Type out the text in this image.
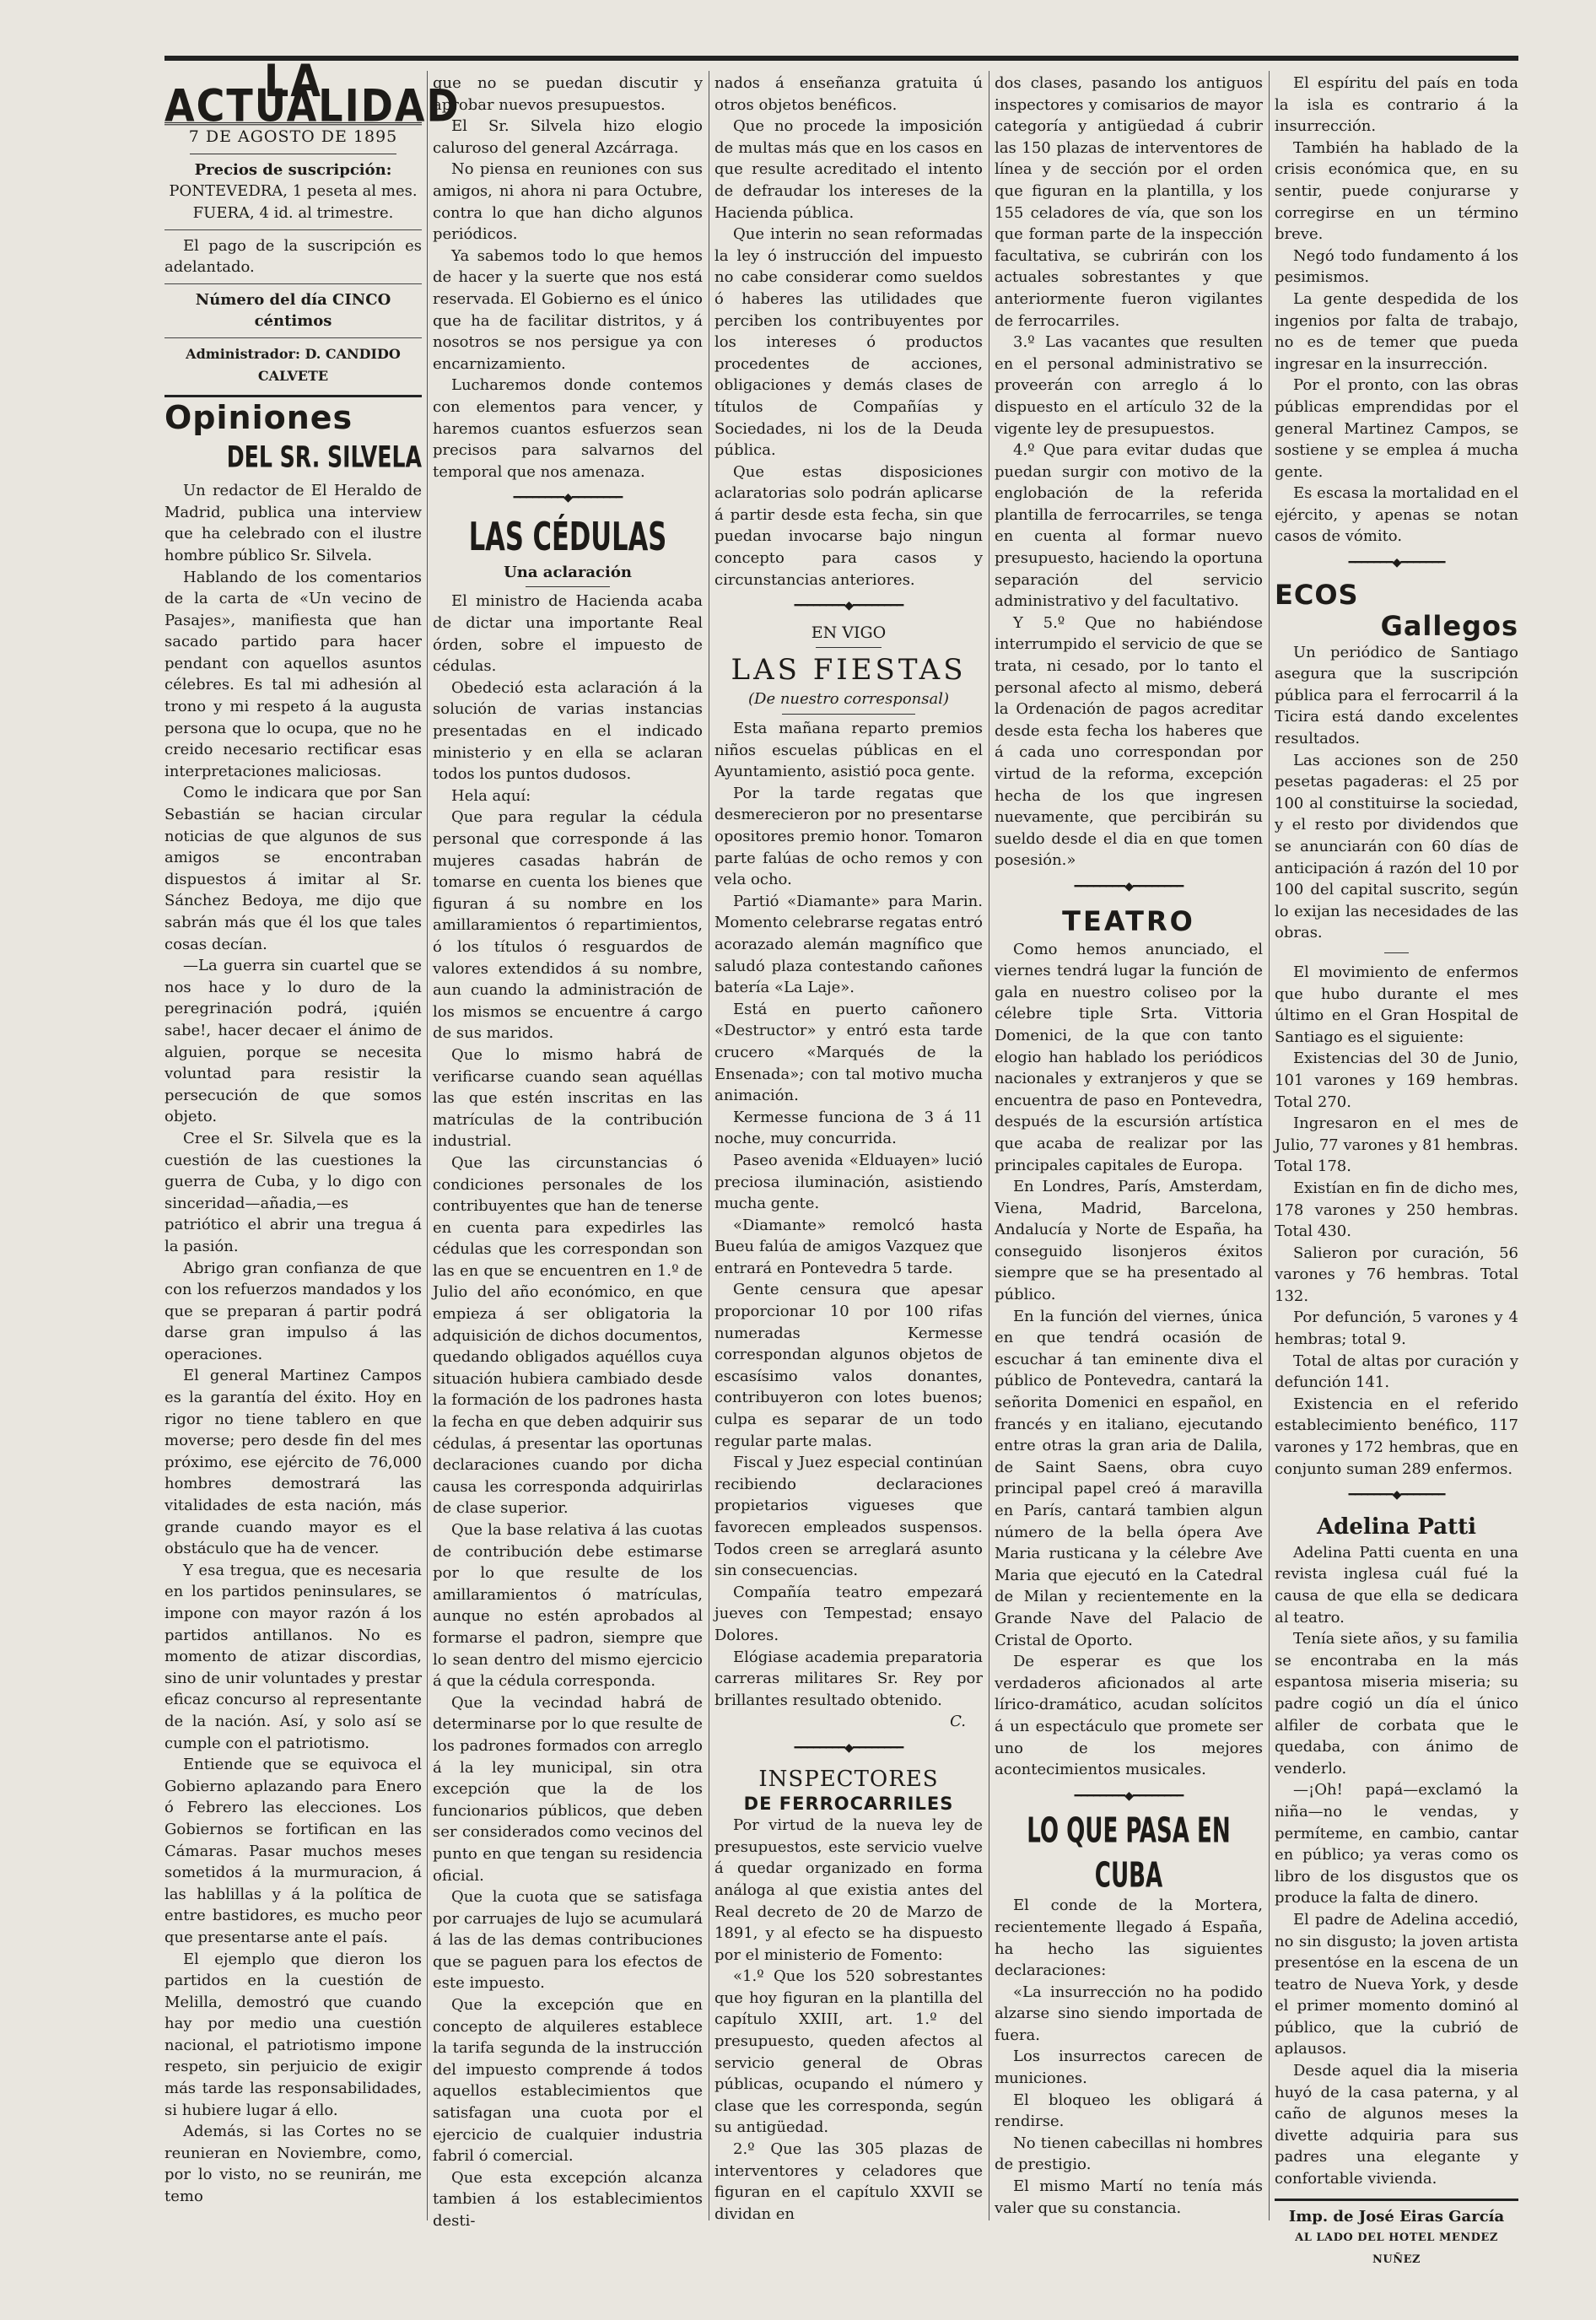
LA ACTUALIDAD
7 DE AGOSTO DE 1895

Precios de suscripción:

PONTEVEDRA, 1 peseta al mes.

FUERA, 4 id. al trimestre.

El pago de la suscripción es adelantado.

Número del día CINCO céntimos

Administrador: D. CANDIDO CALVETE

Opiniones
DEL SR. SILVELA

Un redactor de El Heraldo de Madrid, publica una interview que ha celebrado con el ilustre hombre público Sr. Silvela.

Hablando de los comentarios de la carta de «Un vecino de Pasajes», manifiesta que han sacado partido para hacer pendant con aquellos asuntos célebres. Es tal mi adhesión al trono y mi respeto á la augusta persona que lo ocupa, que no he creido necesario rectificar esas interpretaciones maliciosas.

Como le indicara que por San Sebastián se hacian circular noticias de que algunos de sus amigos se encontraban dispuestos á imitar al Sr. Sánchez Bedoya, me dijo que sabrán más que él los que tales cosas decían.

—La guerra sin cuartel que se nos hace y lo duro de la peregrinación podrá, ¡quién sabe!, hacer decaer el ánimo de alguien, porque se necesita voluntad para resistir la persecución de que somos objeto.

Cree el Sr. Silvela que es la cuestión de las cuestiones la guerra de Cuba, y lo digo con sinceridad—añadia,—es patriótico el abrir una tregua á la pasión.

Abrigo gran confianza de que con los refuerzos mandados y los que se preparan á partir podrá darse gran impulso á las operaciones.

El general Martinez Campos es la garantía del éxito. Hoy en rigor no tiene tablero en que moverse; pero desde fin del mes próximo, ese ejército de 76,000 hombres demostrará las vitalidades de esta nación, más grande cuando mayor es el obstáculo que ha de vencer.

Y esa tregua, que es necesaria en los partidos peninsulares, se impone con mayor razón á los partidos antillanos. No es momento de atizar discordias, sino de unir voluntades y prestar eficaz concurso al representante de la nación. Así, y solo así se cumple con el patriotismo.

Entiende que se equivoca el Gobierno aplazando para Enero ó Febrero las elecciones. Los Gobiernos se fortifican en las Cámaras. Pasar muchos meses sometidos á la murmuracion, á las hablillas y á la política de entre bastidores, es mucho peor que presentarse ante el país.

El ejemplo que dieron los partidos en la cuestión de Melilla, demostró que cuando hay por medio una cuestión nacional, el patriotismo impone respeto, sin perjuicio de exigir más tarde las responsabilidades, si hubiere lugar á ello.

Además, si las Cortes no se reunieran en Noviembre, como, por lo visto, no se reunirán, me temo

que no se puedan discutir y aprobar nuevos presupuestos.

El Sr. Silvela hizo elogio caluroso del general Azcárraga.

No piensa en reuniones con sus amigos, ni ahora ni para Octubre, contra lo que han dicho algunos periódicos.

Ya sabemos todo lo que hemos de hacer y la suerte que nos está reservada. El Gobierno es el único que ha de facilitar distritos, y á nosotros se nos persigue ya con encarnizamiento.

Lucharemos donde contemos con elementos para vencer, y haremos cuantos esfuerzos sean precisos para salvarnos del temporal que nos amenaza.

━━━━━━━━◆━━━━━━━━
LAS CÉDULAS
Una aclaración

El ministro de Hacienda acaba de dictar una importante Real órden, sobre el impuesto de cédulas.

Obedeció esta aclaración á la solución de varias instancias presentadas en el indicado ministerio y en ella se aclaran todos los puntos dudosos.

Hela aquí:

Que para regular la cédula personal que corresponde á las mujeres casadas habrán de tomarse en cuenta los bienes que figuran á su nombre en los amillaramientos ó repartimientos, ó los títulos ó resguardos de valores extendidos á su nombre, aun cuando la administración de los mismos se encuentre á cargo de sus maridos.

Que lo mismo habrá de verificarse cuando sean aquéllas las que estén inscritas en las matrículas de la contribución industrial.

Que las circunstancias ó condiciones personales de los contribuyentes que han de tenerse en cuenta para expedirles las cédulas que les correspondan son las en que se encuentren en 1.º de Julio del año económico, en que empieza á ser obligatoria la adquisición de dichos documentos, quedando obligados aquéllos cuya situación hubiera cambiado desde la formación de los padrones hasta la fecha en que deben adquirir sus cédulas, á presentar las oportunas declaraciones cuando por dicha causa les corresponda adquirirlas de clase superior.

Que la base relativa á las cuotas de contribución debe estimarse por lo que resulte de los amillaramientos ó matrículas, aunque no estén aprobados al formarse el padron, siempre que lo sean dentro del mismo ejercicio á que la cédula corresponda.

Que la vecindad habrá de determinarse por lo que resulte de los padrones formados con arreglo á la ley municipal, sin otra excepción que la de los funcionarios públicos, que deben ser considerados como vecinos del punto en que tengan su residencia oficial.

Que la cuota que se satisfaga por carruajes de lujo se acumulará á las de las demas contribuciones que se paguen para los efectos de este impuesto.

Que la excepción que en concepto de alquileres establece la tarifa segunda de la instrucción del impuesto comprende á todos aquellos establecimientos que satisfagan una cuota por el ejercicio de cualquier industria fabril ó comercial.

Que esta excepción alcanza tambien á los establecimientos desti-

nados á enseñanza gratuita ú otros objetos benéficos.

Que no procede la imposición de multas más que en los casos en que resulte acreditado el intento de defraudar los intereses de la Hacienda pública.

Que interin no sean reformadas la ley ó instrucción del impuesto no cabe considerar como sueldos ó haberes las utilidades que perciben los contribuyentes por los intereses ó productos procedentes de acciones, obligaciones y demás clases de títulos de Compañías y Sociedades, ni los de la Deuda pública.

Que estas disposiciones aclaratorias solo podrán aplicarse á partir desde esta fecha, sin que puedan invocarse bajo ningun concepto para casos y circunstancias anteriores.

━━━━━━━━◆━━━━━━━━

EN VIGO

LAS FIESTAS

(De nuestro corresponsal)

Esta mañana reparto premios niños escuelas públicas en el Ayuntamiento, asistió poca gente.

Por la tarde regatas que desmerecieron por no presentarse opositores premio honor. Tomaron parte falúas de ocho remos y con vela ocho.

Partió «Diamante» para Marin. Momento celebrarse regatas entró acorazado alemán magnífico que saludó plaza contestando cañones batería «La Laje».

Está en puerto cañonero «Destructor» y entró esta tarde crucero «Marqués de la Ensenada»; con tal motivo mucha animación.

Kermesse funciona de 3 á 11 noche, muy concurrida.

Paseo avenida «Elduayen» lució preciosa iluminación, asistiendo mucha gente.

«Diamante» remolcó hasta Bueu falúa de amigos Vazquez que entrará en Pontevedra 5 tarde.

Gente censura que apesar proporcionar 10 por 100 rifas numeradas Kermesse correspondan algunos objetos de escasísimo valos donantes, contribuyeron con lotes buenos; culpa es separar de un todo regular parte malas.

Fiscal y Juez especial continúan recibiendo declaraciones propietarios vigueses que favorecen empleados suspensos. Todos creen se arreglará asunto sin consecuencias.

Compañía teatro empezará jueves con Tempestad; ensayo Dolores.

Elógiase academia preparatoria carreras militares Sr. Rey por brillantes resultado obtenido.

C.

━━━━━━━━◆━━━━━━━━
INSPECTORES
DE FERROCARRILES

Por virtud de la nueva ley de presupuestos, este servicio vuelve á quedar organizado en forma análoga al que existia antes del Real decreto de 20 de Marzo de 1891, y al efecto se ha dispuesto por el ministerio de Fomento:

«1.º Que los 520 sobrestantes que hoy figuran en la plantilla del capítulo XXIII, art. 1.º del presupuesto, queden afectos al servicio general de Obras públicas, ocupando el número y clase que les corresponda, según su antigüedad.

2.º Que las 305 plazas de interventores y celadores que figuran en el capítulo XXVII se dividan en

dos clases, pasando los antiguos inspectores y comisarios de mayor categoría y antigüedad á cubrir las 150 plazas de interventores de línea y de sección por el orden que figuran en la plantilla, y los 155 celadores de vía, que son los que forman parte de la inspección facultativa, se cubrirán con los actuales sobrestantes y que anteriormente fueron vigilantes de ferrocarriles.

3.º Las vacantes que resulten en el personal administrativo se proveerán con arreglo á lo dispuesto en el artículo 32 de la vigente ley de presupuestos.

4.º Que para evitar dudas que puedan surgir con motivo de la englobación de la referida plantilla de ferrocarriles, se tenga en cuenta al formar nuevo presupuesto, haciendo la oportuna separación del servicio administrativo y del facultativo.

Y 5.º Que no habiéndose interrumpido el servicio de que se trata, ni cesado, por lo tanto el personal afecto al mismo, deberá la Ordenación de pagos acreditar desde esta fecha los haberes que á cada uno correspondan por virtud de la reforma, excepción hecha de los que ingresen nuevamente, que percibirán su sueldo desde el dia en que tomen posesión.»

━━━━━━━━◆━━━━━━━━
TEATRO

Como hemos anunciado, el viernes tendrá lugar la función de gala en nuestro coliseo por la célebre tiple Srta. Vittoria Domenici, de la que con tanto elogio han hablado los periódicos nacionales y extranjeros y que se encuentra de paso en Pontevedra, después de la escursión artística que acaba de realizar por las principales capitales de Europa.

En Londres, París, Amsterdam, Viena, Madrid, Barcelona, Andalucía y Norte de España, ha conseguido lisonjeros éxitos siempre que se ha presentado al público.

En la función del viernes, única en que tendrá ocasión de escuchar á tan eminente diva el público de Pontevedra, cantará la señorita Domenici en español, en francés y en italiano, ejecutando entre otras la gran aria de Dalila, de Saint Saens, obra cuyo principal papel creó á maravilla en París, cantará tambien algun número de la bella ópera Ave Maria rusticana y la célebre Ave Maria que ejecutó en la Catedral de Milan y recientemente en la Grande Nave del Palacio de Cristal de Oporto.

De esperar es que los verdaderos aficionados al arte lírico-dramático, acudan solícitos á un espectáculo que promete ser uno de los mejores acontecimientos musicales.

━━━━━━━━◆━━━━━━━━
LO QUE PASA EN CUBA

El conde de la Mortera, recientemente llegado á España, ha hecho las siguientes declaraciones:

«La insurrección no ha podido alzarse sino siendo importada de fuera.

Los insurrectos carecen de municiones.

El bloqueo les obligará á rendirse.

No tienen cabecillas ni hombres de prestigio.

El mismo Martí no tenía más valer que su constancia.

El espíritu del país en toda la isla es contrario á la insurrección.

También ha hablado de la crisis económica que, en su sentir, puede conjurarse y corregirse en un término breve.

Negó todo fundamento á los pesimismos.

La gente despedida de los ingenios por falta de trabajo, no es de temer que pueda ingresar en la insurrección.

Por el pronto, con las obras públicas emprendidas por el general Martinez Campos, se sostiene y se emplea á mucha gente.

Es escasa la mortalidad en el ejército, y apenas se notan casos de vómito.

━━━━━━━◆━━━━━━━
ECOS
Gallegos

Un periódico de Santiago asegura que la suscripción pública para el ferrocarril á la Ticira está dando excelentes resultados.

Las acciones son de 250 pesetas pagaderas: el 25 por 100 al constituirse la sociedad, y el resto por dividendos que se anunciarán con 60 días de anticipación á razón del 10 por 100 del capital suscrito, según lo exijan las necesidades de las obras.

El movimiento de enfermos que hubo durante el mes último en el Gran Hospital de Santiago es el siguiente:

Existencias del 30 de Junio, 101 varones y 169 hembras. Total 270.

Ingresaron en el mes de Julio, 77 varones y 81 hembras. Total 178.

Existían en fin de dicho mes, 178 varones y 250 hembras. Total 430.

Salieron por curación, 56 varones y 76 hembras. Total 132.

Por defunción, 5 varones y 4 hembras; total 9.

Total de altas por curación y defunción 141.

Existencia en el referido establecimiento benéfico, 117 varones y 172 hembras, que en conjunto suman 289 enfermos.

━━━━━━━◆━━━━━━━
Adelina Patti

Adelina Patti cuenta en una revista inglesa cuál fué la causa de que ella se dedicara al teatro.

Tenía siete años, y su familia se encontraba en la más espantosa miseria miseria; su padre cogió un día el único alfiler de corbata que le quedaba, con ánimo de venderlo.

—¡Oh! papá—exclamó la niña—no le vendas, y permíteme, en cambio, cantar en público; ya veras como os libro de los disgustos que os produce la falta de dinero.

El padre de Adelina accedió, no sin disgusto; la joven artista presentóse en la escena de un teatro de Nueva York, y desde el primer momento dominó al público, que la cubrió de aplausos.

Desde aquel dia la miseria huyó de la casa paterna, y al caño de algunos meses la divette adquiria para sus padres una elegante y confortable vivienda.

Imp. de José Eiras García
AL LADO DEL HOTEL MENDEZ NUÑEZ
